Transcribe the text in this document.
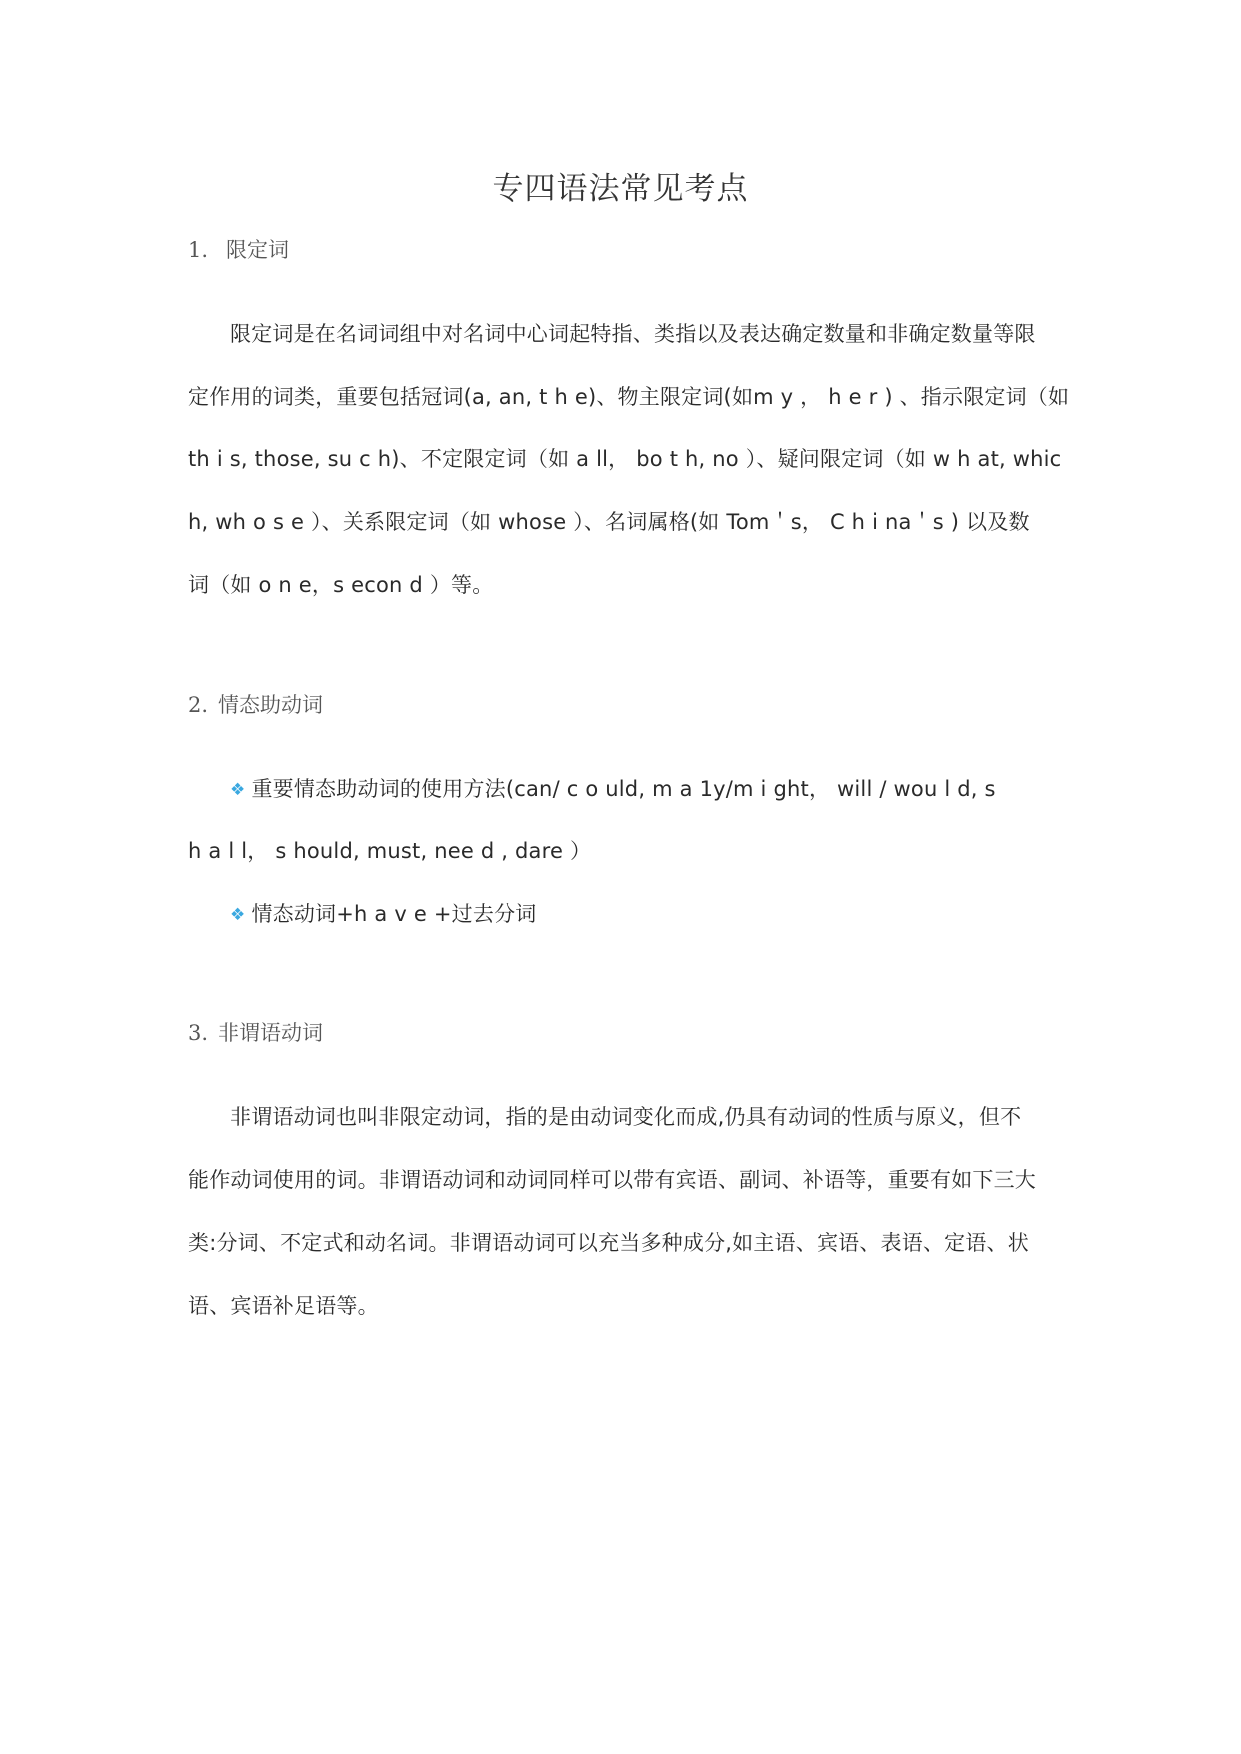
专四语法常见考点
1. 限定词
限定词是在名词词组中对名词中心词起特指、类指以及表达确定数量和非确定数量等限
定作用的词类，重要包括冠词(a, an, t h e)、物主限定词(如m y ， h e r ) 、指示限定词（如
th i s, those, su c h)、不定限定词（如 a ll， bo t h, no ）、疑问限定词（如 w h at, whic
h, wh o s e ）、关系限定词（如 whose ）、名词属格(如 Tom＇s， C h i na＇s ) 以及数
词（如 o n e，s econ d ）等。
2. 情态助动词
❖ 重要情态助动词的使用方法(can/ c o uld, m a 1y/m i ght， will / wou l d, s
h a l l， s hould, must, nee d , dare ）
❖ 情态动词+h a v e +过去分词
3. 非谓语动词
非谓语动词也叫非限定动词，指的是由动词变化而成,仍具有动词的性质与原义，但不
能作动词使用的词。非谓语动词和动词同样可以带有宾语、副词、补语等，重要有如下三大
类:分词、不定式和动名词。非谓语动词可以充当多种成分,如主语、宾语、表语、定语、状
语、宾语补足语等。
